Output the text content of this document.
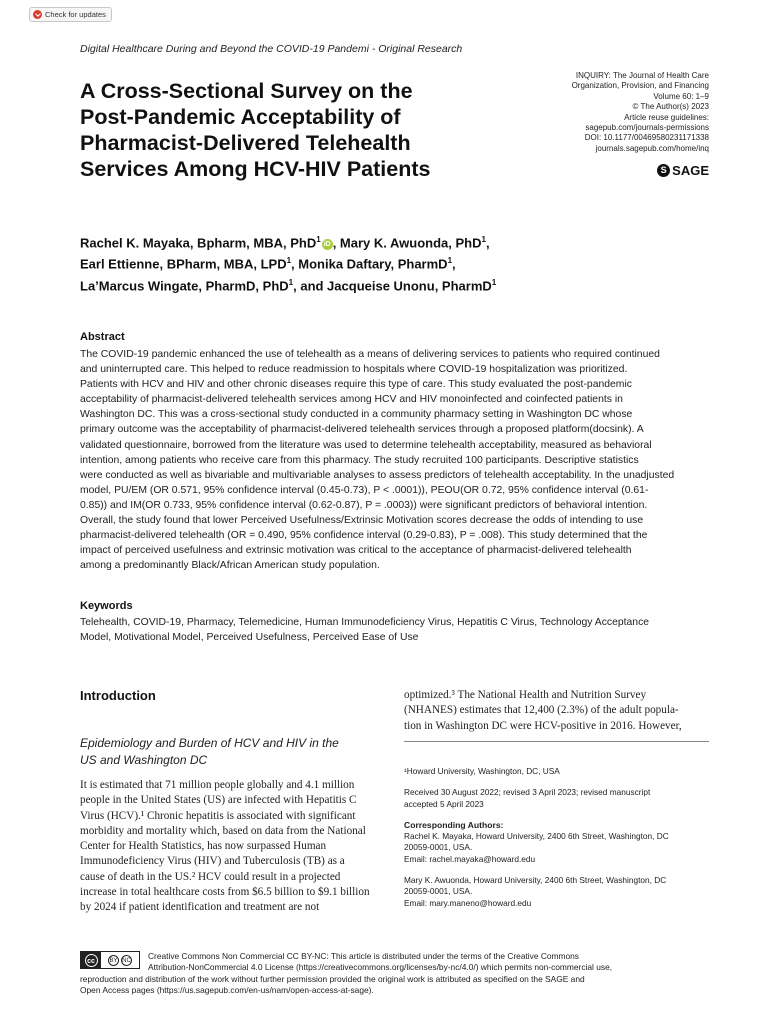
Check for updates
Digital Healthcare During and Beyond the COVID-19 Pandemi - Original Research
A Cross-Sectional Survey on the
Post-Pandemic Acceptability of
Pharmacist-Delivered Telehealth
Services Among HCV-HIV Patients
INQUIRY: The Journal of Health Care
Organization, Provision, and Financing
Volume 60: 1–9
© The Author(s) 2023
Article reuse guidelines:
sagepub.com/journals-permissions
DOI: 10.1177/00469580231171338
journals.sagepub.com/home/inq
S SAGE
Rachel K. Mayaka, Bpharm, MBA, PhD$^1$iD , Mary K. Awuonda, PhD$^1$,
Earl Ettienne, BPharm, MBA, LPD$^1$, Monika Daftary, PharmD$^1$,
La’Marcus Wingate, PharmD, PhD$^1$, and Jacqueise Unonu, PharmD$^1$
Abstract
The COVID-19 pandemic enhanced the use of telehealth as a means of delivering services to patients who required continued
and uninterrupted care. This helped to reduce readmission to hospitals where COVID-19 hospitalization was prioritized.
Patients with HCV and HIV and other chronic diseases require this type of care. This study evaluated the post-pandemic
acceptability of pharmacist-delivered telehealth services among HCV and HIV monoinfected and coinfected patients in
Washington DC. This was a cross-sectional study conducted in a community pharmacy setting in Washington DC whose
primary outcome was the acceptability of pharmacist-delivered telehealth services through a proposed platform(docsink). A
validated questionnaire, borrowed from the literature was used to determine telehealth acceptability, measured as behavioral
intention, among patients who receive care from this pharmacy. The study recruited 100 participants. Descriptive statistics
were conducted as well as bivariable and multivariable analyses to assess predictors of telehealth acceptability. In the unadjusted
model, PU/EM (OR 0.571, 95% confidence interval (0.45-0.73), P < .0001)), PEOU(OR 0.72, 95% confidence interval (0.61-
0.85)) and IM(OR 0.733, 95% confidence interval (0.62-0.87), P = .0003)) were significant predictors of behavioral intention.
Overall, the study found that lower Perceived Usefulness/Extrinsic Motivation scores decrease the odds of intending to use
pharmacist-delivered telehealth (OR = 0.490, 95% confidence interval (0.29-0.83), P = .008). This study determined that the
impact of perceived usefulness and extrinsic motivation was critical to the acceptance of pharmacist-delivered telehealth
among a predominantly Black/African American study population.
Keywords
Telehealth, COVID-19, Pharmacy, Telemedicine, Human Immunodeficiency Virus, Hepatitis C Virus, Technology Acceptance
Model, Motivational Model, Perceived Usefulness, Perceived Ease of Use
Introduction
Epidemiology and Burden of HCV and HIV in the
US and Washington DC
It is estimated that 71 million people globally and 4.1 million
people in the United States (US) are infected with Hepatitis C
Virus (HCV).¹ Chronic hepatitis is associated with significant
morbidity and mortality which, based on data from the National
Center for Health Statistics, has now surpassed Human
Immunodeficiency Virus (HIV) and Tuberculosis (TB) as a
cause of death in the US.² HCV could result in a projected
increase in total healthcare costs from $6.5 billion to $9.1 billion
by 2024 if patient identification and treatment are not
optimized.³ The National Health and Nutrition Survey
(NHANES) estimates that 12,400 (2.3%) of the adult popula-
tion in Washington DC were HCV-positive in 2016. However,
¹Howard University, Washington, DC, USA
Received 30 August 2022; revised 3 April 2023; revised manuscript
accepted 5 April 2023
Corresponding Authors:
Rachel K. Mayaka, Howard University, 2400 6th Street, Washington, DC
20059-0001, USA.
Email: rachel.mayaka@howard.edu
Mary K. Awuonda, Howard University, 2400 6th Street, Washington, DC
20059-0001, USA.
Email: mary.maneno@howard.edu
cc	BY NC Creative Commons Non Commercial CC BY-NC: This article is distributed under the terms of the Creative Commons
Attribution-NonCommercial 4.0 License (https://creativecommons.org/licenses/by-nc/4.0/) which permits non-commercial use,
reproduction and distribution of the work without further permission provided the original work is attributed as specified on the SAGE and
Open Access pages (https://us.sagepub.com/en-us/nam/open-access-at-sage).
